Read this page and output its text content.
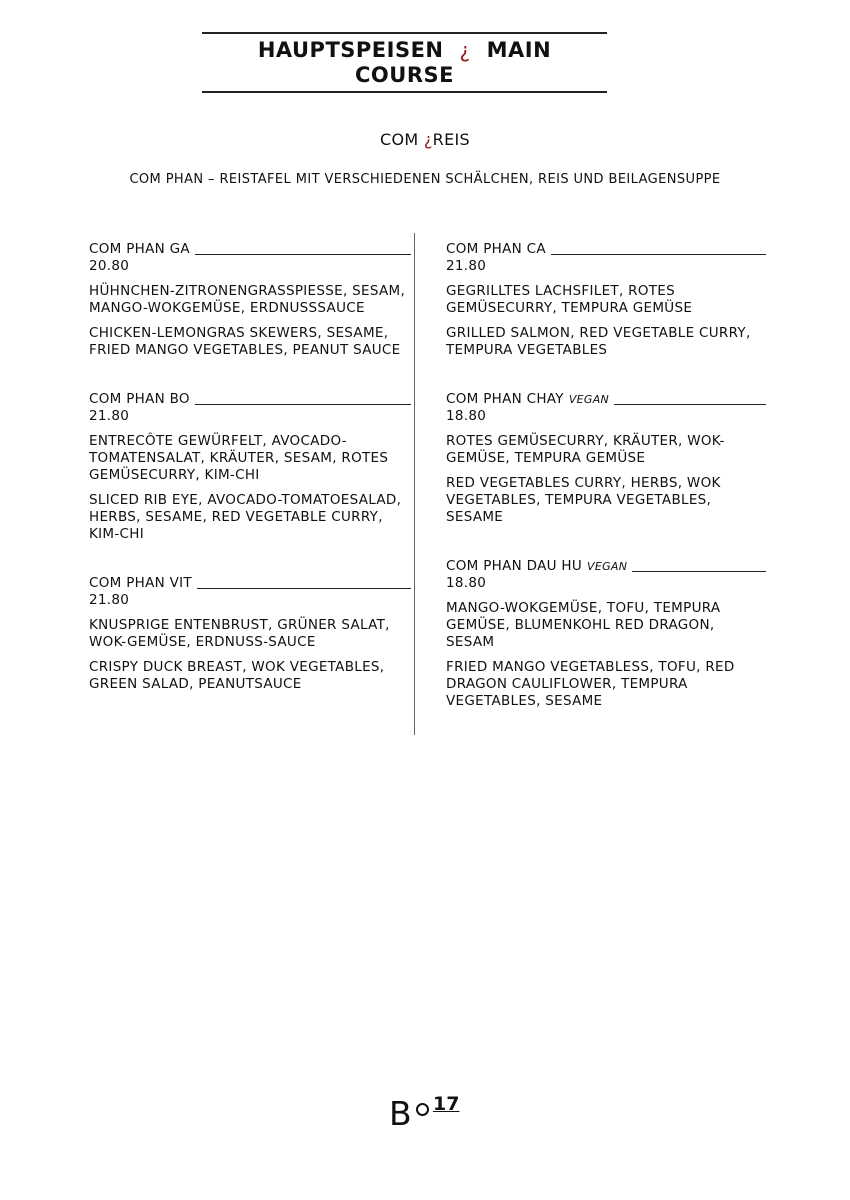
HAUPTSPEISEN ¿ MAIN
COURSE
COM ¿REIS
COM PHAN – REISTAFEL MIT VERSCHIEDENEN SCHÄLCHEN, REIS UND BEILAGENSUPPE
COM PHAN GA
20.80
HÜHNCHEN-ZITRONENGRASSPIESSE, SESAM, MANGO-WOKGEMÜSE, ERDNUSSSAUCE
CHICKEN-LEMONGRAS SKEWERS, SESAME, FRIED MANGO VEGETABLES, PEANUT SAUCE
COM PHAN BO
21.80
ENTRECÔTE GEWÜRFELT, AVOCADO-TOMATENSALAT, KRÄUTER, SESAM, ROTES GEMÜSECURRY, KIM-CHI
SLICED RIB EYE, AVOCADO-TOMATOESALAD, HERBS, SESAME, RED VEGETABLE CURRY, KIM-CHI
COM PHAN VIT
21.80
KNUSPRIGE ENTENBRUST, GRÜNER SALAT, WOK-GEMÜSE, ERDNUSS-SAUCE
CRISPY DUCK BREAST, WOK VEGETABLES, GREEN SALAD, PEANUTSAUCE
COM PHAN CA
21.80
GEGRILLTES LACHSFILET, ROTES GEMÜSECURRY, TEMPURA GEMÜSE
GRILLED SALMON, RED VEGETABLE CURRY, TEMPURA VEGETABLES
COM PHAN CHAY VEGAN
18.80
ROTES GEMÜSECURRY, KRÄUTER, WOK-GEMÜSE, TEMPURA GEMÜSE
RED VEGETABLES CURRY, HERBS, WOK VEGETABLES, TEMPURA VEGETABLES, SESAME
COM PHAN DAU HU VEGAN
18.80
MANGO-WOKGEMÜSE, TOFU, TEMPURA GEMÜSE, BLUMENKOHL RED DRAGON, SESAM
FRIED MANGO VEGETABLESS, TOFU, RED DRAGON CAULIFLOWER, TEMPURA VEGETABLES, SESAME
B 17
